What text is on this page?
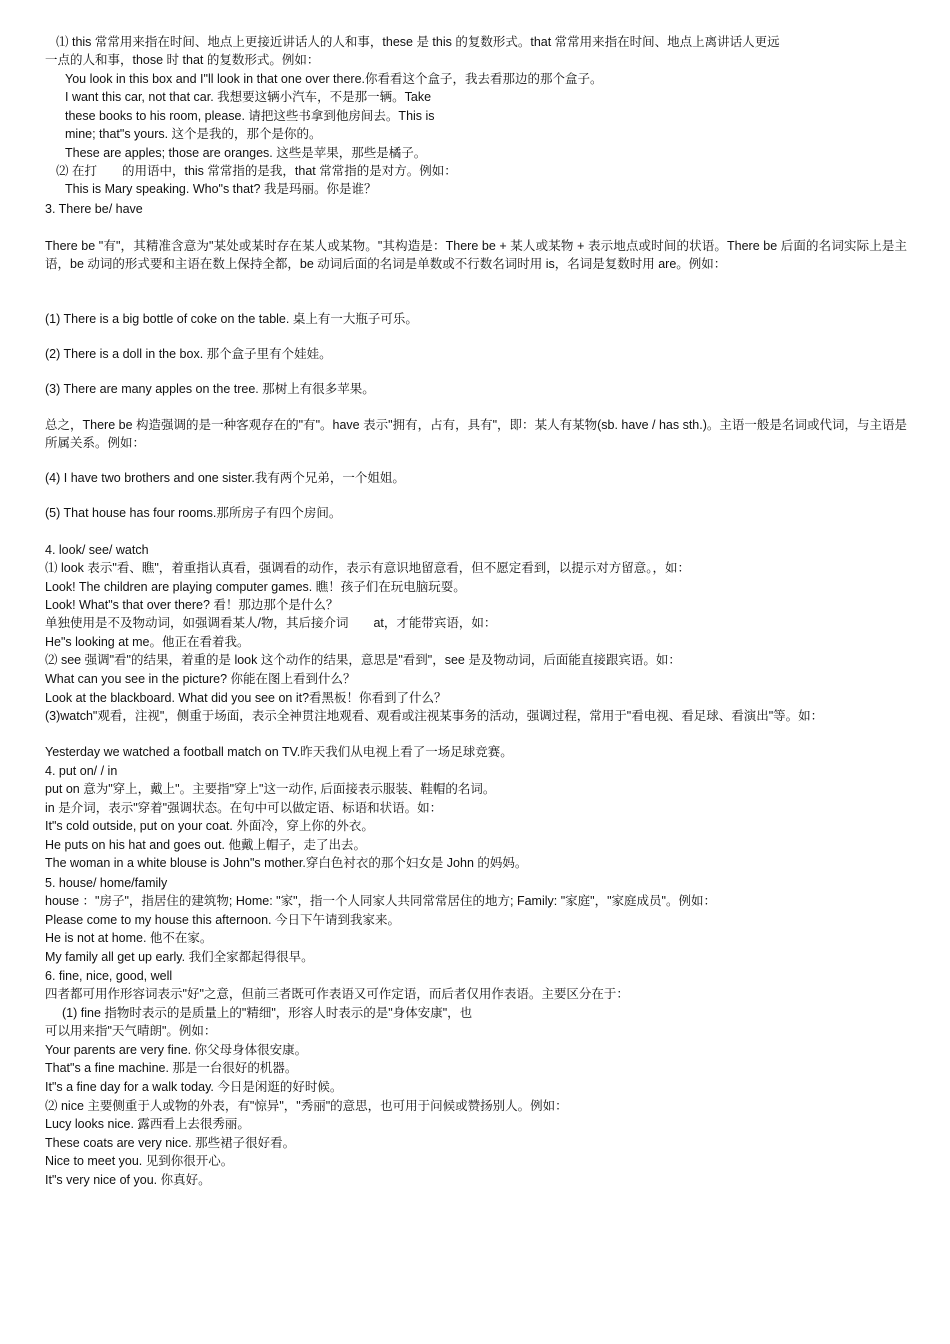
⑴ this 常常用来指在时间、地点上更接近讲话人的人和事，these 是 this 的复数形式。that 常常用来指在时间、地点上离讲话人更远
一点的人和事，those 时 that 的复数形式。例如：
You look in this box and I"ll look in that one over there.你看看这个盒子，我去看那边的那个盒子。
I want this car, not that car. 我想要这辆小汽车，不是那一辆。Take
these books to his room, please. 请把这些书拿到他房间去。This is
mine; that"s yours. 这个是我的，那个是你的。
These are apples; those are oranges. 这些是苹果，那些是橘子。
⑵ 在打　　的用语中，this 常常指的是我，that 常常指的是对方。例如：
This is Mary speaking. Who"s that? 我是玛丽。你是谁？
3. There be/ have
There be "有"，其精准含意为"某处或某时存在某人或某物。"其构造是：There be + 某人或某物 + 表示地点或时间的状语。There be 后面的名词实际上是主语，be 动词的形式要和主语在数上保持全都，be 动词后面的名词是单数或不行数名词时用 is，名词是复数时用 are。例如：
(1) There is a big bottle of coke on the table. 桌上有一大瓶子可乐。
(2) There is a doll in the box. 那个盒子里有个娃娃。
(3) There are many apples on the tree. 那树上有很多苹果。
总之，There be 构造强调的是一种客观存在的"有"。have 表示"拥有，占有，具有"，即：某人有某物(sb. have / has sth.)。主语一般是名词或代词，与主语是所属关系。例如：
(4) I have two brothers and one sister.我有两个兄弟，一个姐姐。
(5) That house has four rooms.那所房子有四个房间。
4. look/ see/ watch
⑴ look 表示"看、瞧"，着重指认真看，强调看的动作，表示有意识地留意看，但不愿定看到，以提示对方留意。，如：
Look! The children are playing computer games. 瞧！孩子们在玩电脑玩耍。
Look! What"s that over there? 看！那边那个是什么？
单独使用是不及物动词，如强调看某人/物，其后接介词　　at，才能带宾语，如：
He"s looking at me。他正在看着我。
⑵ see 强调"看"的结果，着重的是 look 这个动作的结果，意思是"看到"，see 是及物动词，后面能直接跟宾语。如：
What can you see in the picture? 你能在图上看到什么？
Look at the blackboard. What did you see on it?看黑板！你看到了什么？
(3)watch"观看，注视"，侧重于场面，表示全神贯注地观看、观看或注视某事务的活动，强调过程，常用于"看电视、看足球、看演出"等。如：
Yesterday we watched a football match on TV.昨天我们从电视上看了一场足球竞赛。
4. put on/ / in
put on 意为"穿上，戴上"。主要指"穿上"这一动作, 后面接表示服装、鞋帽的名词。
in 是介词，表示"穿着"强调状态。在句中可以做定语、标语和状语。如：
It"s cold outside, put on your coat. 外面冷，穿上你的外衣。
He puts on his hat and goes out. 他戴上帽子，走了出去。
The woman in a white blouse is John"s mother.穿白色衬衣的那个妇女是 John 的妈妈。
5. house/ home/family
house ："房子"，指居住的建筑物; Home: "家"，指一个人同家人共同常常居住的地方; Family: "家庭"，"家庭成员"。例如：
Please come to my house this afternoon. 今日下午请到我家来。
He is not at home. 他不在家。
My family all get up early. 我们全家都起得很早。
6. fine, nice, good, well
四者都可用作形容词表示"好"之意，但前三者既可作表语又可作定语，而后者仅用作表语。主要区分在于：
(1) fine 指物时表示的是质量上的"精细"，形容人时表示的是"身体安康"，也
可以用来指"天气晴朗"。例如：
Your parents are very fine. 你父母身体很安康。
That"s a fine machine. 那是一台很好的机器。
It"s a fine day for a walk today. 今日是闲逛的好时候。
⑵ nice 主要侧重于人或物的外表，有"惊异"，"秀丽"的意思，也可用于问候或赞扬别人。例如：
Lucy looks nice. 露西看上去很秀丽。
These coats are very nice. 那些裙子很好看。
Nice to meet you. 见到你很开心。
It"s very nice of you. 你真好。
